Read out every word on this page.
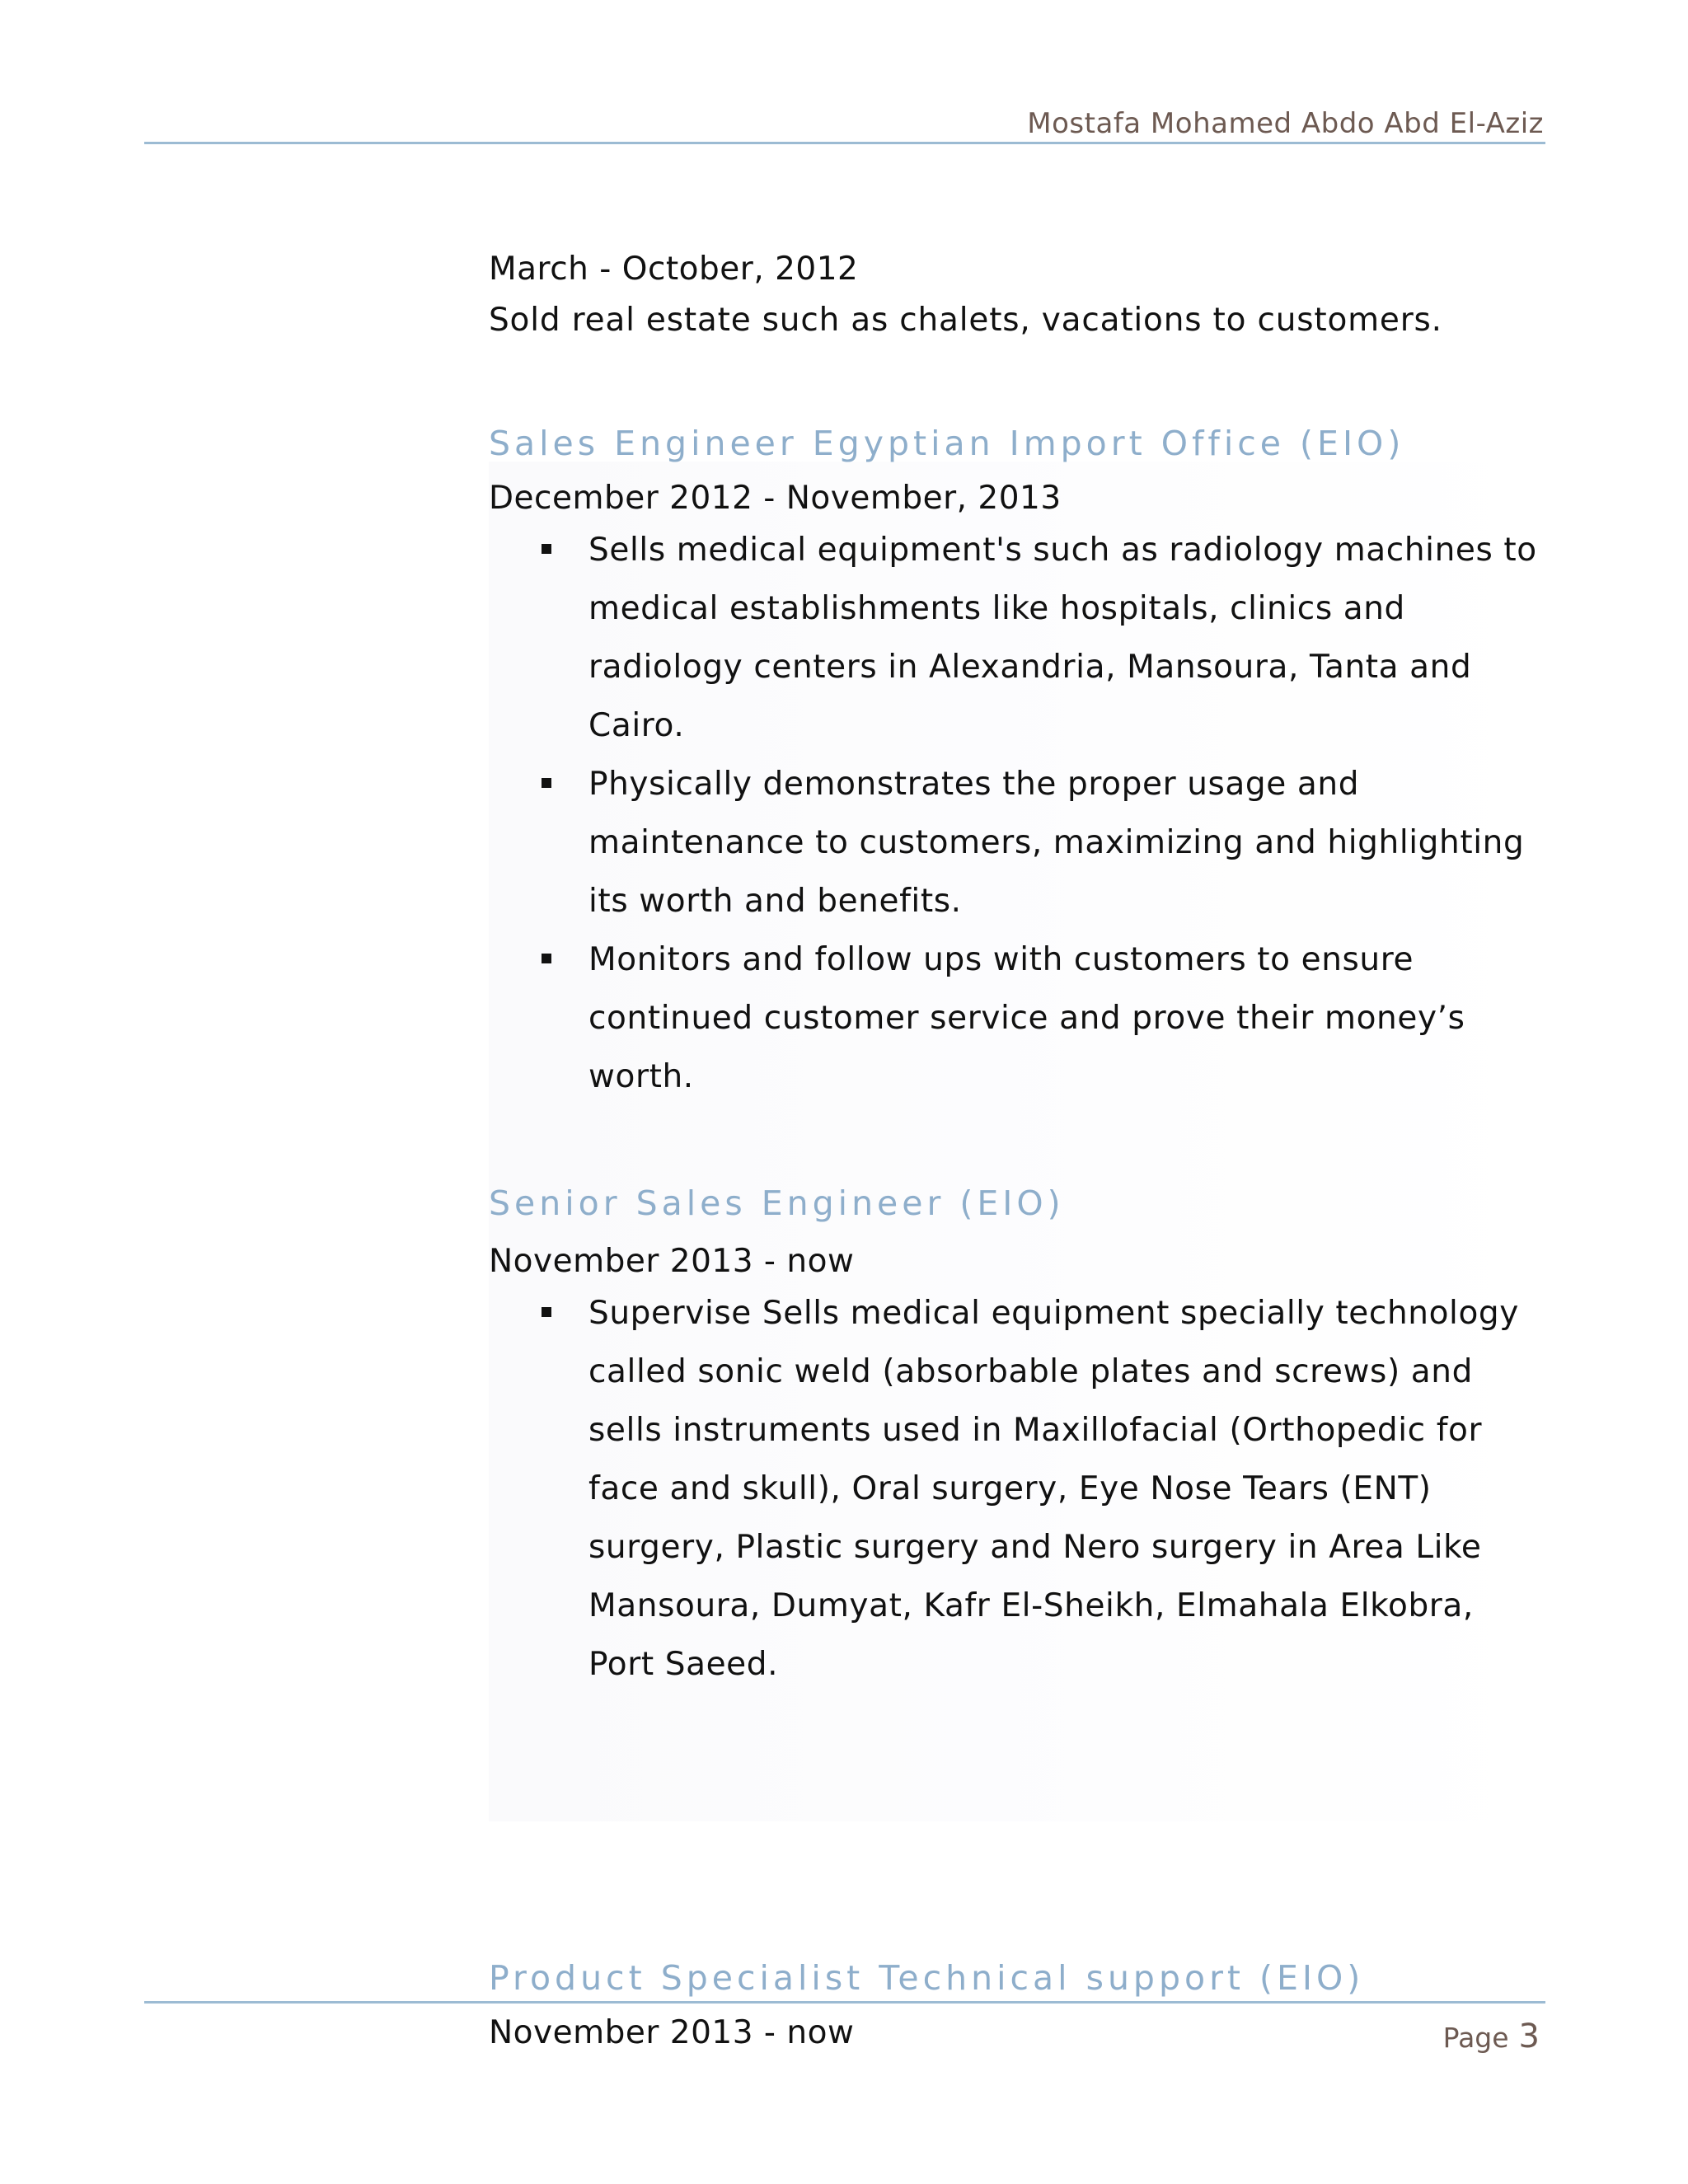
Mostafa Mohamed Abdo Abd El-Aziz

March - October, 2012

Sold real estate such as chalets, vacations to customers.

Sales Engineer Egyptian Import Office (EIO)

December 2012 - November, 2013

Sells medical equipment's such as radiology machines to medical establishments like hospitals, clinics and radiology centers in Alexandria, Mansoura, Tanta and Cairo.
Physically demonstrates the proper usage and maintenance to customers, maximizing and highlighting its worth and benefits.
Monitors and follow ups with customers to ensure continued customer service and prove their money’s worth.

Senior Sales Engineer (EIO)

November 2013 - now

Supervise Sells medical equipment specially technology called sonic weld (absorbable plates and screws) and sells instruments used in Maxillofacial (Orthopedic for face and skull), Oral surgery, Eye Nose Tears (ENT) surgery, Plastic surgery and Nero surgery in Area Like Mansoura, Dumyat, Kafr El-Sheikh, Elmahala Elkobra, Port Saeed.

Product Specialist Technical support (EIO)

November 2013 - now	Page 3
